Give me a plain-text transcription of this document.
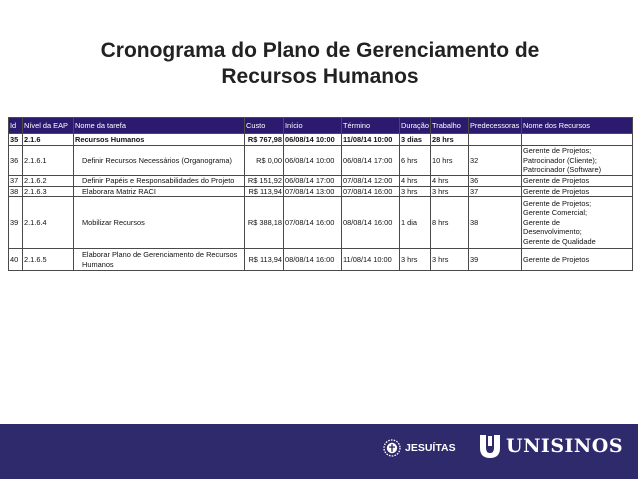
Cronograma do Plano de Gerenciamento de
Recursos Humanos
Id	Nível da EAP	Nome da tarefa	Custo	Início	Término	Duração	Trabalho	Predecessoras	Nome dos Recursos
35	2.1.6	Recursos Humanos	R$ 767,98	06/08/14 10:00	11/08/14 10:00	3 dias	28 hrs		
36	2.1.6.1	Definir Recursos Necessários (Organograma)	R$ 0,00	06/08/14 10:00	06/08/14 17:00	6 hrs	10 hrs	32	Gerente de Projetos;
Patrocinador (Cliente);
Patrocinador (Software)

37	2.1.6.2	Definir Papéis e Responsabilidades do Projeto	R$ 151,92	06/08/14 17:00	07/08/14 12:00	4 hrs	4 hrs	36	Gerente de Projetos

38	2.1.6.3	Elaborara Matriz RACI	R$ 113,94	07/08/14 13:00	07/08/14 16:00	3 hrs	3 hrs	37	Gerente de Projetos

39	2.1.6.4	Mobilizar Recursos	R$ 388,18	07/08/14 16:00	08/08/14 16:00	1 dia	8 hrs	38	Gerente de Projetos;
Gerente Comercial;
Gerente de
Desenvolvimento;
Gerente de Qualidade

40	2.1.6.5	Elaborar Plano de Gerenciamento de Recursos Humanos	R$ 113,94	08/08/14 16:00	11/08/14 10:00	3 hrs	3 hrs	39	Gerente de Projetos
JESUÍTAS	UNISINOS
